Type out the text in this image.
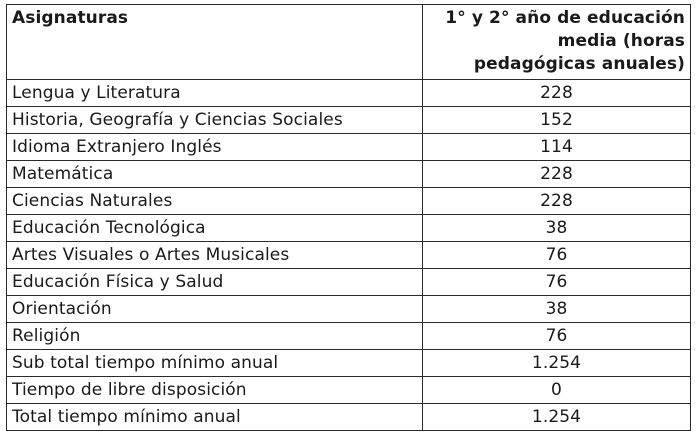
Asignaturas	1° y 2° año de educación
media (horas
pedagógicas anuales)

Lengua y Literatura	228
Historia, Geografía y Ciencias Sociales	152
Idioma Extranjero Inglés	114
Matemática	228
Ciencias Naturales	228
Educación Tecnológica	38
Artes Visuales o Artes Musicales	76
Educación Física y Salud	76
Orientación	38
Religión	76
Sub total tiempo mínimo anual	1.254
Tiempo de libre disposición	0
Total tiempo mínimo anual	1.254
